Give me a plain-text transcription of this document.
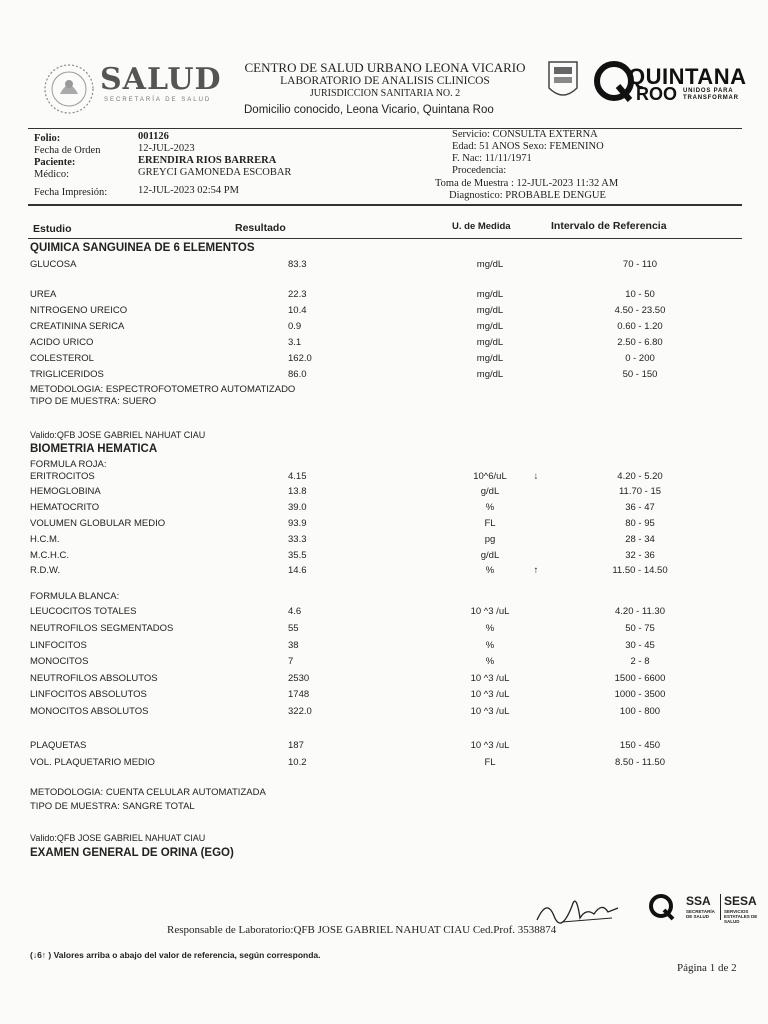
SALUD
SECRETARÍA DE SALUD
CENTRO DE SALUD URBANO LEONA VICARIO
LABORATORIO DE ANALISIS CLINICOS
JURISDICCION SANITARIA NO. 2
Domicilio conocido, Leona Vicario, Quintana Roo
QUINTANA
ROO UNIDOS PARA TRANSFORMAR
Folio:	001126
Fecha de Orden	12-JUL-2023
Paciente:	ERENDIRA RIOS BARRERA
Médico:	GREYCI GAMONEDA ESCOBAR
Fecha Impresión:	12-JUL-2023 02:54 PM
Servicio: CONSULTA EXTERNA
Edad: 51 ANOS Sexo: FEMENINO
F. Nac: 11/11/1971
Procedencia:
Toma de Muestra : 12-JUL-2023 11:32 AM
Diagnostico: PROBABLE DENGUE
Estudio	Resultado	U. de Medida	Intervalo de Referencia
QUIMICA SANGUINEA DE 6 ELEMENTOS
GLUCOSA	83.3	mg/dL	70 - 110
UREA	22.3	mg/dL	10 - 50
NITROGENO UREICO	10.4	mg/dL	4.50 - 23.50
CREATININA SERICA	0.9	mg/dL	0.60 - 1.20
ACIDO URICO	3.1	mg/dL	2.50 - 6.80
COLESTEROL	162.0	mg/dL	0 - 200
TRIGLICERIDOS	86.0	mg/dL	50 - 150
METODOLOGIA: ESPECTROFOTOMETRO AUTOMATIZADO
TIPO DE MUESTRA: SUERO
Valido:QFB JOSE GABRIEL NAHUAT CIAU
BIOMETRIA HEMATICA
FORMULA ROJA:
ERITROCITOS	4.15	10^6/uL	↓	4.20 - 5.20
HEMOGLOBINA	13.8	g/dL	11.70 - 15
HEMATOCRITO	39.0	%	36 - 47
VOLUMEN GLOBULAR MEDIO	93.9	FL	80 - 95
H.C.M.	33.3	pg	28 - 34
M.C.H.C.	35.5	g/dL	32 - 36
R.D.W.	14.6	%	↑	11.50 - 14.50
FORMULA BLANCA:
LEUCOCITOS TOTALES	4.6	10 ^3 /uL	4.20 - 11.30
NEUTROFILOS SEGMENTADOS	55	%	50 - 75
LINFOCITOS	38	%	30 - 45
MONOCITOS	7	%	2 - 8
NEUTROFILOS ABSOLUTOS	2530	10 ^3 /uL	1500 - 6600
LINFOCITOS ABSOLUTOS	1748	10 ^3 /uL	1000 - 3500
MONOCITOS ABSOLUTOS	322.0	10 ^3 /uL	100 - 800
PLAQUETAS	187	10 ^3 /uL	150 - 450
VOL. PLAQUETARIO MEDIO	10.2	FL	8.50 - 11.50
METODOLOGIA: CUENTA CELULAR AUTOMATIZADA
TIPO DE MUESTRA: SANGRE TOTAL
Valido:QFB JOSE GABRIEL NAHUAT CIAU
EXAMEN GENERAL DE ORINA (EGO)
SSA
SECRETARÍA DE SALUD
SESA
SERVICIOS ESTATALES DE SALUD
Responsable de Laboratorio:QFB JOSE GABRIEL NAHUAT CIAU Ced.Prof. 3538874
(↓6↑ ) Valores arriba o abajo del valor de referencia, según corresponda.
Página 1 de 2
